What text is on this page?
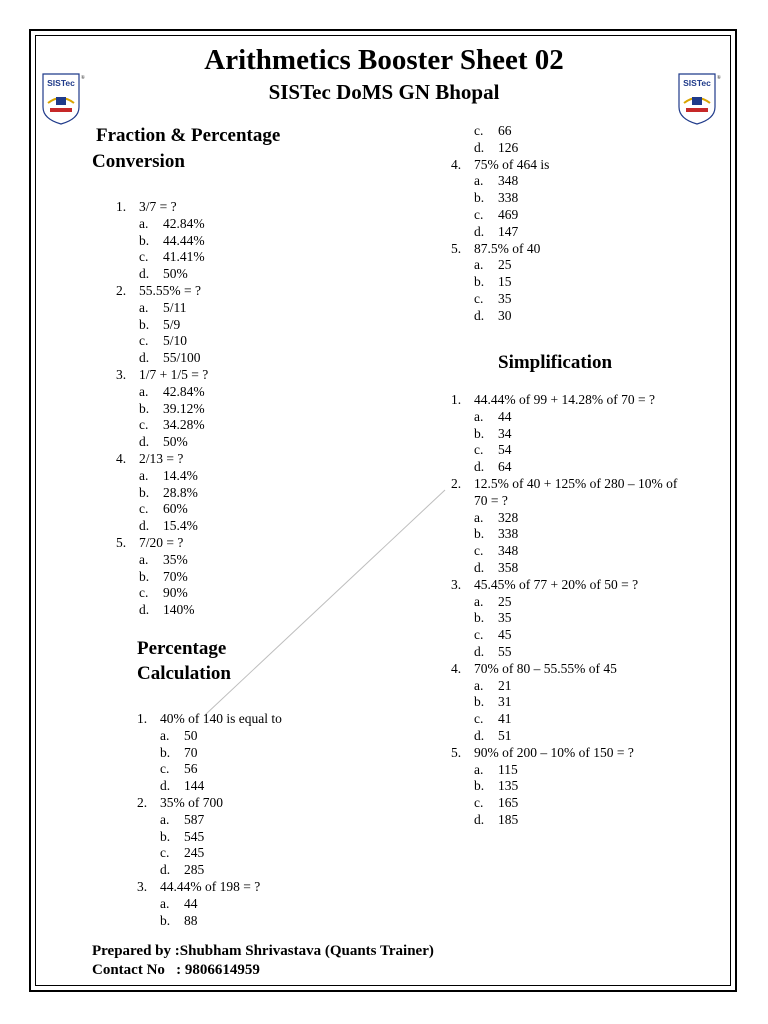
Arithmetics Booster Sheet 02
SISTec DoMS GN Bhopal
SISTec ®	SISTec ®
Fraction & Percentage
Conversion
1. 3/7 = ?
a. 42.84%
b. 44.44%
c. 41.41%
d. 50%
2. 55.55% = ?
a. 5/11
b. 5/9
c. 5/10
d. 55/100
3. 1/7 + 1/5 = ?
a. 42.84%
b. 39.12%
c. 34.28%
d. 50%
4. 2/13 = ?
a. 14.4%
b. 28.8%
c. 60%
d. 15.4%
5. 7/20 = ?
a. 35%
b. 70%
c. 90%
d. 140%
Percentage
Calculation
1. 40% of 140 is equal to
a. 50
b. 70
c. 56
d. 144
2. 35% of 700
a. 587
b. 545
c. 245
d. 285
3. 44.44% of 198 = ?
a. 44
b. 88
c. 66
d. 126
4. 75% of 464 is
a. 348
b. 338
c. 469
d. 147
5. 87.5% of 40
a. 25
b. 15
c. 35
d. 30
Simplification
1. 44.44% of 99 + 14.28% of 70 = ?
a. 44
b. 34
c. 54
d. 64
2. 12.5% of 40 + 125% of 280 – 10% of 70 = ?
a. 328
b. 338
c. 348
d. 358
3. 45.45% of 77 + 20% of 50 = ?
a. 25
b. 35
c. 45
d. 55
4. 70% of 80 – 55.55% of 45
a. 21
b. 31
c. 41
d. 51
5. 90% of 200 – 10% of 150 = ?
a. 115
b. 135
c. 165
d. 185
Prepared by :Shubham Shrivastava (Quants Trainer)
Contact No   : 9806614959
